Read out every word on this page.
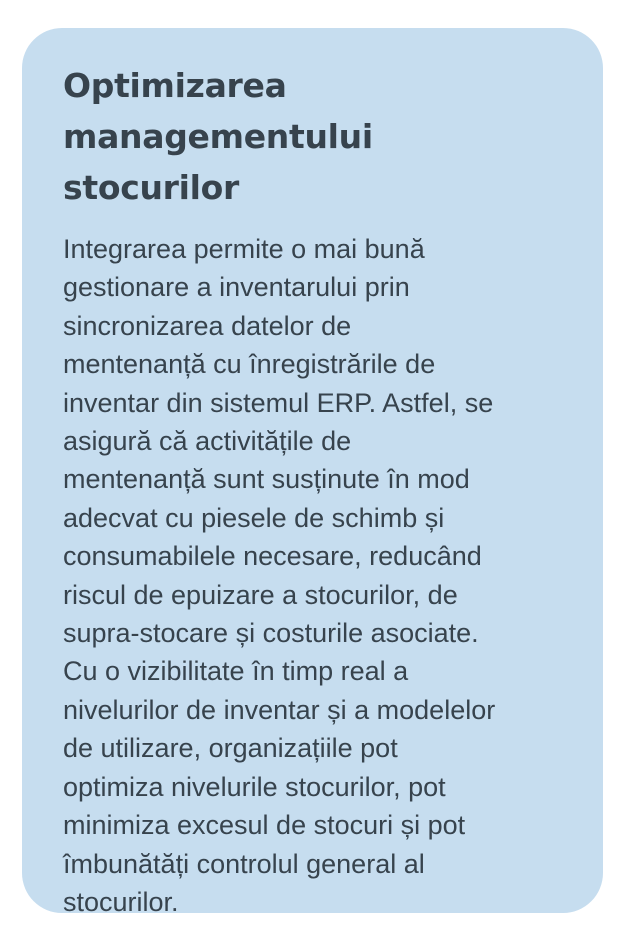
Optimizarea
managementului
stocurilor

Integrarea permite o mai bună
gestionare a inventarului prin
sincronizarea datelor de
mentenanță cu înregistrările de
inventar din sistemul ERP. Astfel, se
asigură că activitățile de
mentenanță sunt susținute în mod
adecvat cu piesele de schimb și
consumabilele necesare, reducând
riscul de epuizare a stocurilor, de
supra-stocare și costurile asociate.
Cu o vizibilitate în timp real a
nivelurilor de inventar și a modelelor
de utilizare, organizațiile pot
optimiza nivelurile stocurilor, pot
minimiza excesul de stocuri și pot
îmbunătăți controlul general al
stocurilor.
